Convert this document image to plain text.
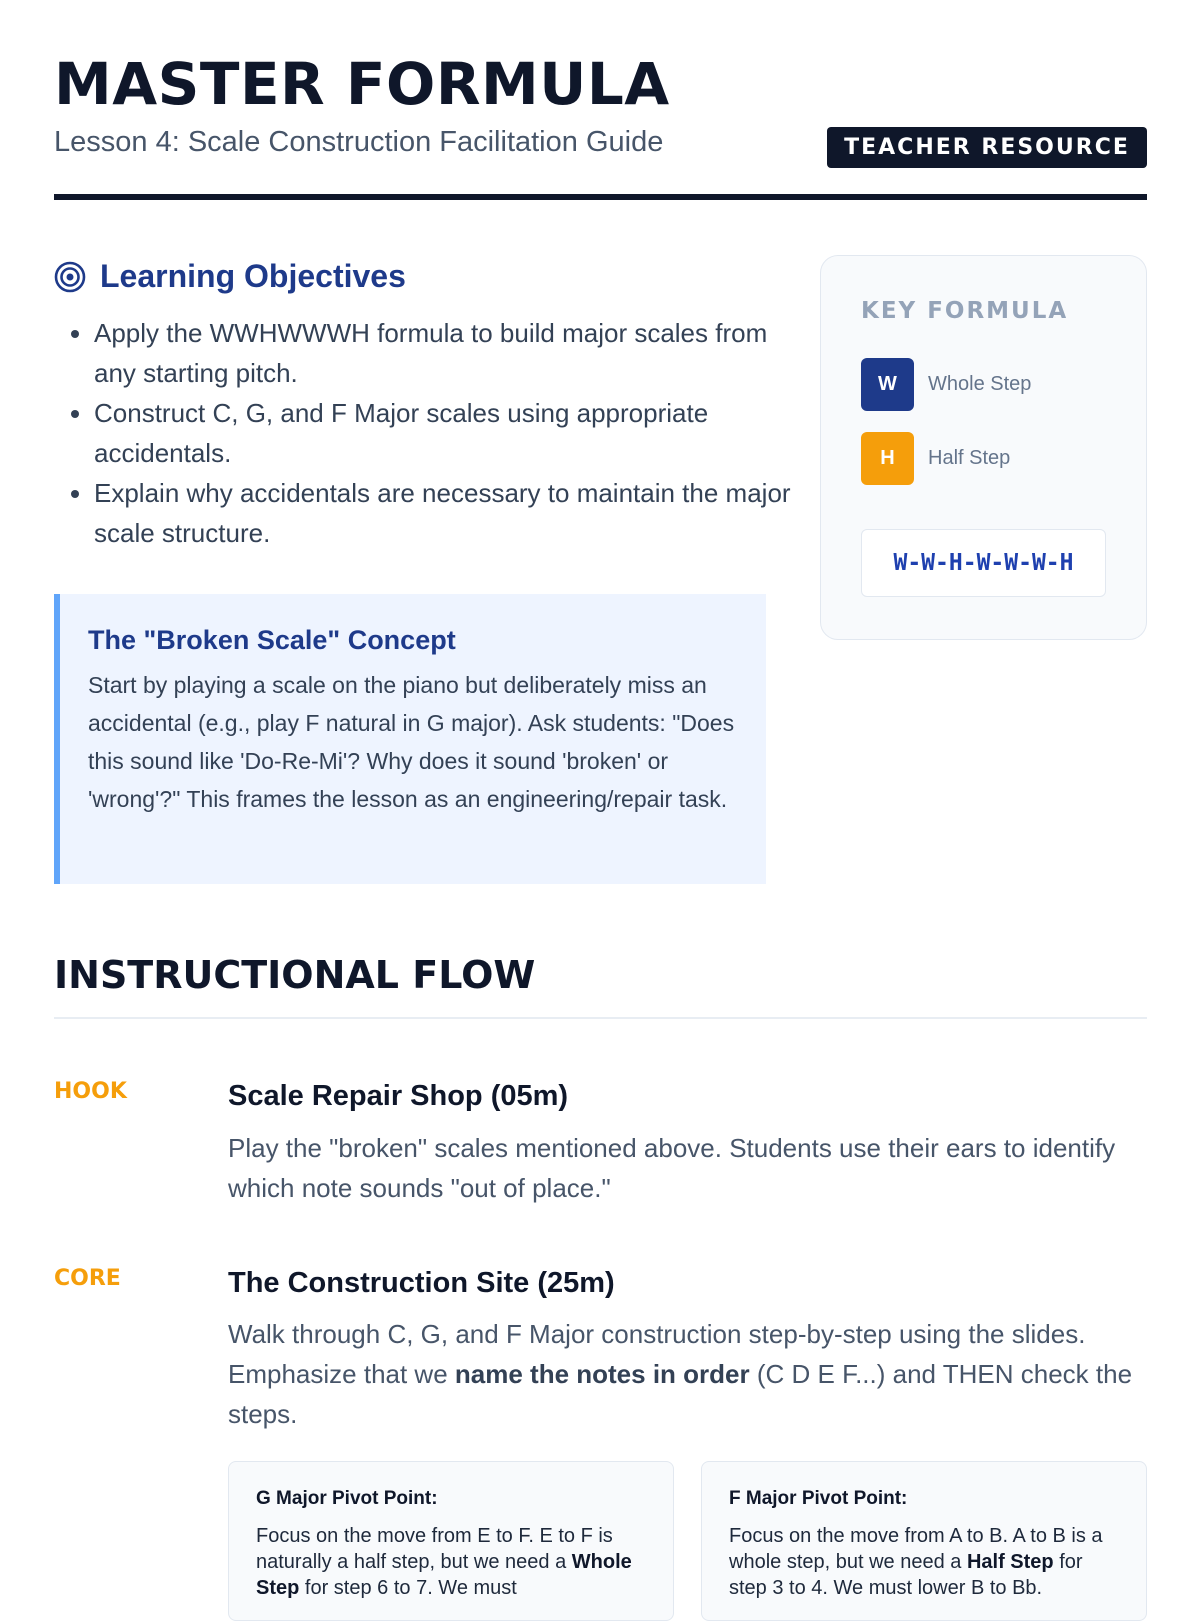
MASTER FORMULA

Lesson 4: Scale Construction Facilitation Guide	TEACHER RESOURCE
Learning Objectives
• Apply the WWHWWWH formula to build major scales from any starting pitch.
• Construct C, G, and F Major scales using appropriate accidentals.
• Explain why accidentals are necessary to maintain the major scale structure.
The "Broken Scale" Concept

Start by playing a scale on the piano but deliberately miss an accidental (e.g., play F natural in G major). Ask students: "Does this sound like 'Do-Re-Mi'? Why does it sound 'broken' or 'wrong'?" This frames the lesson as an engineering/repair task.

KEY FORMULA
W	Whole Step
H	Half Step
W-W-H-W-W-W-H
INSTRUCTIONAL FLOW

HOOK	Scale Repair Shop (05m)

Play the "broken" scales mentioned above. Students use their ears to identify which note sounds "out of place."

CORE	The Construction Site (25m)

Walk through C, G, and F Major construction step-by-step using the slides. Emphasize that we name the notes in order (C D E F...) and THEN check the steps.

G Major Pivot Point:

Focus on the move from E to F. E to F is naturally a half step, but we need a Whole Step for step 6 to 7. We must

F Major Pivot Point:

Focus on the move from A to B. A to B is a whole step, but we need a Half Step for step 3 to 4. We must lower B to Bb.
